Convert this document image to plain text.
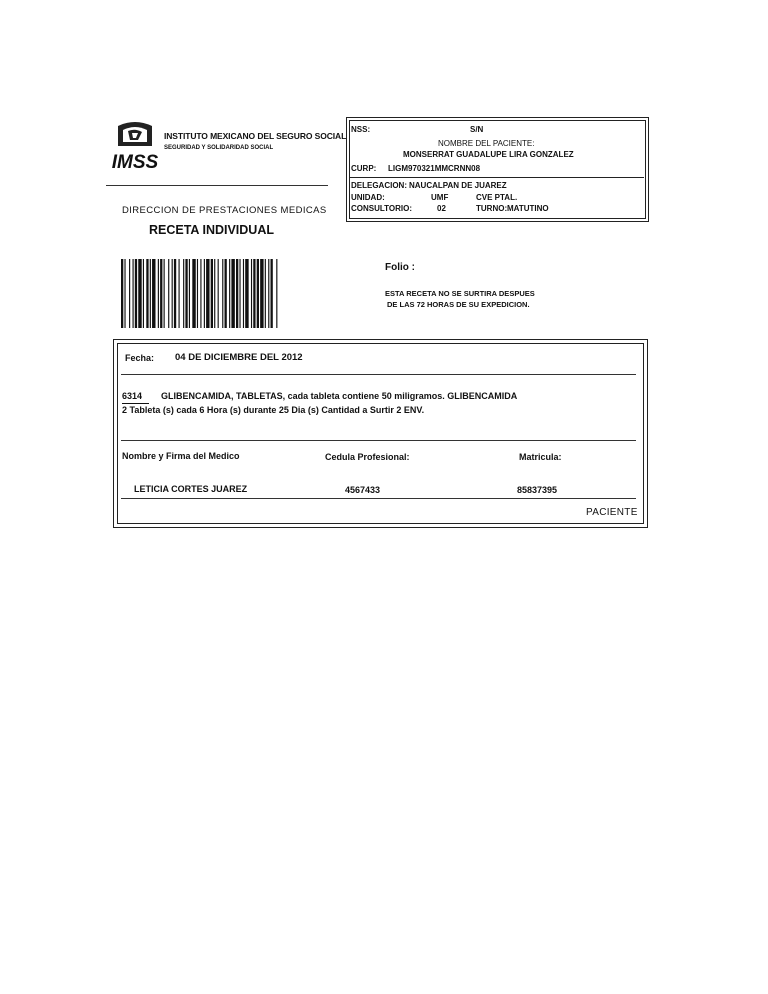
IMSS
INSTITUTO MEXICANO DEL SEGURO SOCIAL
SEGURIDAD Y SOLIDARIDAD SOCIAL
DIRECCION DE PRESTACIONES MEDICAS
RECETA INDIVIDUAL
NSS:	S/N
NOMBRE DEL PACIENTE:
MONSERRAT GUADALUPE LIRA GONZALEZ
CURP: LIGM970321MMCRNN08
DELEGACION: NAUCALPAN DE JUAREZ
UNIDAD:	UMF	CVE PTAL.
CONSULTORIO:	02	TURNO: MATUTINO
Folio :
ESTA RECETA NO SE SURTIRA DESPUES
DE LAS 72 HORAS DE SU EXPEDICION.
Fecha: 04 DE DICIEMBRE DEL 2012
6314 GLIBENCAMIDA, TABLETAS, cada tableta contiene 50 miligramos. GLIBENCAMIDA
2 Tableta (s) cada 6 Hora (s) durante 25 Dia (s) Cantidad a Surtir 2 ENV.
Nombre y Firma del Medico	Cedula Profesional:	Matricula:
LETICIA CORTES JUAREZ	4567433	85837395
PACIENTE
